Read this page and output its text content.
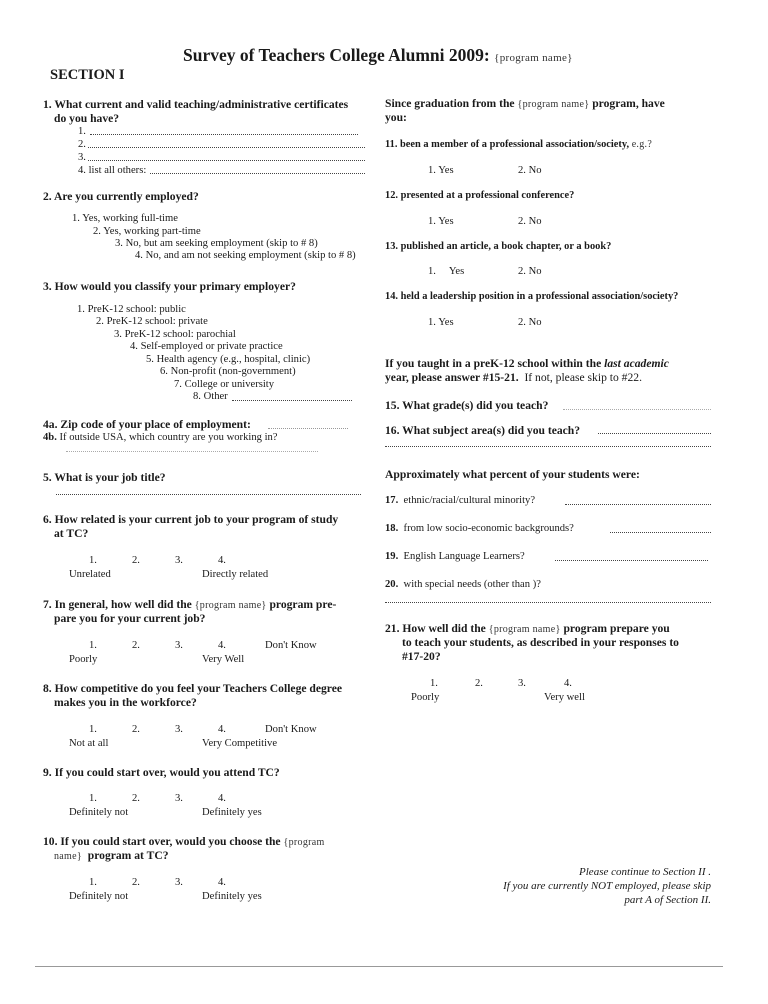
Survey of Teachers College Alumni 2009: {program name}
SECTION I
1. What current and valid teaching/administrative certificates
do you have?
1.
2.
3.
4. list all others:
2. Are you currently employed?
1. Yes, working full-time
2. Yes, working part-time
3. No, but am seeking employment (skip to # 8)
4. No, and am not seeking employment (skip to # 8)
3. How would you classify your primary employer?
1. PreK-12 school: public
2. PreK-12 school: private
3. PreK-12 school: parochial
4. Self-employed or private practice
5. Health agency (e.g., hospital, clinic)
6. Non-profit (non-government)
7. College or university
8. Other
4a. Zip code of your place of employment:
4b. If outside USA, which country are you working in?
5. What is your job title?
6. How related is your current job to your program of study
at TC?
1.	2.	3.	4.
Unrelated	Directly related
7. In general, how well did the {program name} program pre-
pare you for your current job?
1.	2.	3.	4.	Don't Know
Poorly	Very Well
8. How competitive do you feel your Teachers College degree
makes you in the workforce?
1.	2.	3.	4.	Don't Know
Not at all	Very Competitive
9. If you could start over, would you attend TC?
1.	2.	3.	4.
Definitely not	Definitely yes
10. If you could start over, would you choose the {program
name} program at TC?
1.	2.	3.	4.
Definitely not	Definitely yes
Since graduation from the {program name} program, have
you:
11. been a member of a professional association/society, e.g.?
1. Yes	2. No
12. presented at a professional conference?
1. Yes	2. No
13. published an article, a book chapter, or a book?
1. Yes	2. No
14. held a leadership position in a professional association/society?
1. Yes	2. No
If you taught in a preK-12 school within the last academic
year, please answer #15-21. If not, please skip to #22.
15. What grade(s) did you teach?
16. What subject area(s) did you teach?
Approximately what percent of your students were:
17. ethnic/racial/cultural minority?
18. from low socio-economic backgrounds?
19. English Language Learners?
20. with special needs (other than )?
21. How well did the {program name} program prepare you
to teach your students, as described in your responses to
#17-20?
1.	2.	3.	4.
Poorly	Very well
Please continue to Section II .
If you are currently NOT employed, please skip
part A of Section II.
